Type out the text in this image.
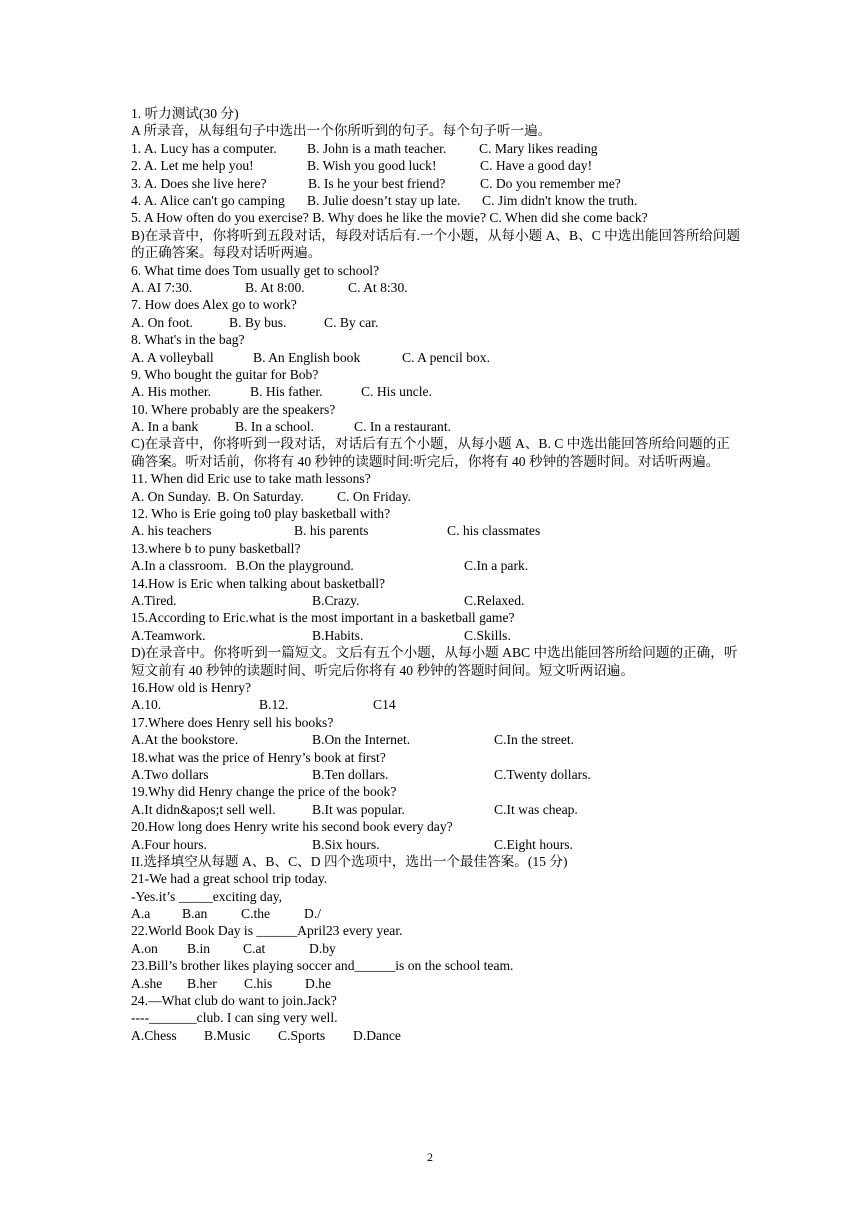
1. 听力测试(30 分)
A 所录音，从每组句子中选出一个你所听到的句子。每个句子听一遍。
1. A. Lucy has a computer. B. John is a math teacher. C. Mary likes reading
2. A. Let me help you!	B. Wish you good luck!	C. Have a good day!
3. A. Does she live here?	B. Is he your best friend?	C. Do you remember me?
4. A. Alice can't go camping B. Julie doesn’t stay up late. C. Jim didn't know the truth.
5. A How often do you exercise? B. Why does he like the movie? C. When did she come back?
B)在录音中，你将听到五段对话，每段对话后有.一个小题，从每小题 A、B、C 中选出能回答所给问题的正确答案。每段对话听两遍。
6. What time does Tom usually get to school?
A. AI 7:30.	B. At 8:00.	C. At 8:30.
7. How does Alex go to work?
A. On foot.	B. By bus.	C. By car.
8. What's in the bag?
A. A volleyball	B. An English book	C. A pencil box.
9. Who bought the guitar for Bob?
A. His mother.	B. His father.	C. His uncle.
10. Where probably are the speakers?
A. In a bank	B. In a school.	C. In a restaurant.
C)在录音中，你将听到一段对话，对话后有五个小题，从每小题 A、B. C 中选出能回答所给问题的正确答案。听对话前，你将有 40 秒钟的读题时间:听完后，你将有 40 秒钟的答题时间。对话听两遍。
11. When did Eric use to take math lessons?
A. On Sunday. B. On Saturday. C. On Friday.
12. Who is Erie going to0 play basketball with?
A. his teachers	B. his parents	C. his classmates
13.where b to puny basketball?
A.In a classroom. B.On the playground.	C.In a park.
14.How is Eric when talking about basketball?
A.Tired.	B.Crazy.	C.Relaxed.
15.According to Eric.what is the most important in a basketball game?
A.Teamwork.	B.Habits.	C.Skills.
D)在录音中。你将听到一篇短文。文后有五个小题，从每小题 ABC 中选出能回答所给问题的正确，听短文前有 40 秒钟的读题时间、听完后你将有 40 秒钟的答题时间间。短文听两诏遍。
16.How old is Henry?
A.10.	B.12.	C14
17.Where does Henry sell his books?
A.At the bookstore.	B.On the Internet.	C.In the street.
18.what was the price of Henry’s book at first?
A.Two dollars	B.Ten dollars.	C.Twenty dollars.
19.Why did Henry change the price of the book?
A.It didn&apos;t sell well.	B.It was popular.	C.It was cheap.
20.How long does Henry write his second book every day?
A.Four hours.	B.Six hours.	C.Eight hours.
II.选择填空从每题 A、B、C、D 四个选项中，选出一个最佳答案。(15 分)
21-We had a great school trip today.
-Yes.it’s _____exciting day,
A.a B.an C.the D./
22.World Book Day is ______April23 every year.
A.on B.in C.at	D.by
23.Bill’s brother likes playing soccer and______is on the school team.
A.she B.her C.his D.he
24.—What club do want to join.Jack?
----_______club. I can sing very well.
A.Chess B.Music C.Sports D.Dance
2
